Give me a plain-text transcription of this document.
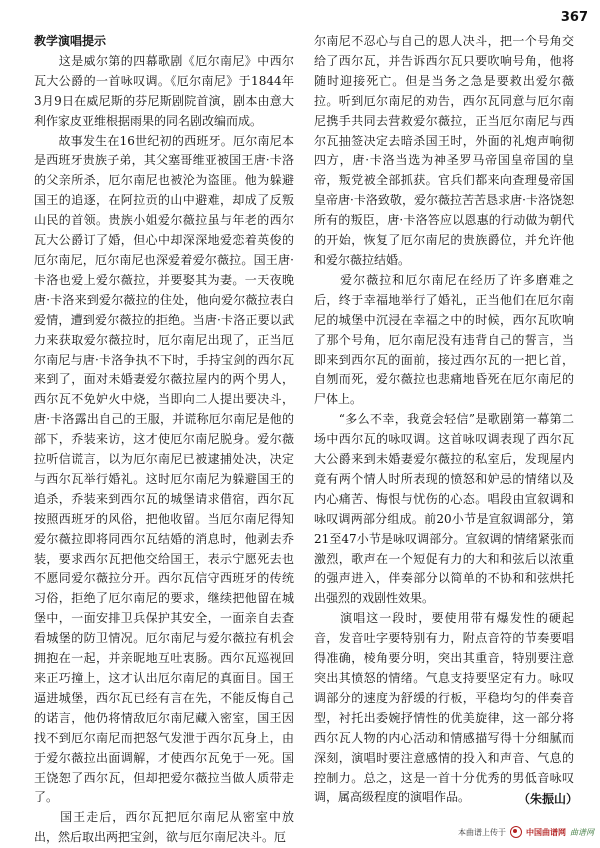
367
教学演唱提示
　　这是威尔第的四幕歌剧《厄尔南尼》中西尔瓦大公爵的一首咏叹调。《厄尔南尼》于1844年3月9日在威尼斯的芬尼斯剧院首演，剧本由意大利作家皮亚维根据雨果的同名剧改编而成。
　　故事发生在16世纪初的西班牙。厄尔南尼本是西班牙贵族子弟，其父塞哥维亚被国王唐·卡洛的父亲所杀，厄尔南尼也被沦为盗匪。他为躲避国王的追逐，在阿拉贡的山中避难，却成了反叛山民的首领。贵族小姐爱尔薇拉虽与年老的西尔瓦大公爵订了婚，但心中却深深地爱恋着英俊的厄尔南尼，厄尔南尼也深爱着爱尔薇拉。国王唐·卡洛也爱上爱尔薇拉，并要娶其为妻。一天夜晚唐·卡洛来到爱尔薇拉的住处，他向爱尔薇拉表白爱情，遭到爱尔薇拉的拒绝。当唐·卡洛正要以武力来获取爱尔薇拉时，厄尔南尼出现了，正当厄尔南尼与唐·卡洛争执不下时，手持宝剑的西尔瓦来到了，面对未婚妻爱尔薇拉屋内的两个男人，西尔瓦不免妒火中烧，当即向二人提出要决斗，唐·卡洛露出自己的王服，并谎称厄尔南尼是他的部下，乔装来访，这才使厄尔南尼脱身。爱尔薇拉听信谎言，以为厄尔南尼已被逮捕处决，决定与西尔瓦举行婚礼。这时厄尔南尼为躲避国王的追杀，乔装来到西尔瓦的城堡请求借宿，西尔瓦按照西班牙的风俗，把他收留。当厄尔南尼得知爱尔薇拉即将同西尔瓦结婚的消息时，他剥去乔装，要求西尔瓦把他交给国王，表示宁愿死去也不愿同爱尔薇拉分开。西尔瓦信守西班牙的传统习俗，拒绝了厄尔南尼的要求，继续把他留在城堡中，一面安排卫兵保护其安全，一面亲自去查看城堡的防卫情况。厄尔南尼与爱尔薇拉有机会拥抱在一起，并亲昵地互吐衷肠。西尔瓦巡视回来正巧撞上，这才认出厄尔南尼的真面目。国王逼进城堡，西尔瓦已经有言在先，不能反悔自己的诺言，他仍将情敌厄尔南尼藏入密室，国王因找不到厄尔南尼而把怒气发泄于西尔瓦身上，由于爱尔薇拉出面调解，才使西尔瓦免于一死。国王饶恕了西尔瓦，但却把爱尔薇拉当做人质带走了。
　　国王走后，西尔瓦把厄尔南尼从密室中放出，然后取出两把宝剑，欲与厄尔南尼决斗。厄
尔南尼不忍心与自己的恩人决斗，把一个号角交给了西尔瓦，并告诉西尔瓦只要吹响号角，他将随时迎接死亡。但是当务之急是要救出爱尔薇拉。听到厄尔南尼的劝告，西尔瓦同意与厄尔南尼携手共同去营救爱尔薇拉，正当厄尔南尼与西尔瓦抽签决定去暗杀国王时，外面的礼炮声响彻四方，唐·卡洛当选为神圣罗马帝国皇帝国的皇帝，叛党被全部抓获。官兵们都来向查理曼帝国皇帝唐·卡洛致敬，爱尔薇拉苦苦恳求唐·卡洛饶恕所有的叛臣，唐·卡洛答应以恩惠的行动做为朝代的开始，恢复了厄尔南尼的贵族爵位，并允许他和爱尔薇拉结婚。
　　爱尔薇拉和厄尔南尼在经历了许多磨难之后，终于幸福地举行了婚礼，正当他们在厄尔南尼的城堡中沉浸在幸福之中的时候，西尔瓦吹响了那个号角，厄尔南尼没有违背自己的誓言，当即来到西尔瓦的面前，接过西尔瓦的一把匕首，自刎而死，爱尔薇拉也悲痛地昏死在厄尔南尼的尸体上。
　　“多么不幸，我竟会轻信”是歌剧第一幕第二场中西尔瓦的咏叹调。这首咏叹调表现了西尔瓦大公爵来到未婚妻爱尔薇拉的私室后，发现屋内竟有两个情人时所表现的愤怒和妒忌的情绪以及内心痛苦、悔恨与忧伤的心态。唱段由宣叙调和咏叹调两部分组成。前20小节是宣叙调部分，第21至47小节是咏叹调部分。宣叙调的情绪紧张而激烈，歌声在一个短促有力的大和和弦后以浓重的强声进入，伴奏部分以简单的不协和和弦烘托出强烈的戏剧性效果。
　　演唱这一段时，要使用带有爆发性的硬起音，发音吐字要特别有力，附点音符的节奏要唱得准确，棱角要分明，突出其重音，特别要注意突出其愤怒的情绪。气息支持要坚定有力。咏叹调部分的速度为舒缓的行板，平稳均匀的伴奏音型，衬托出委婉抒情性的优美旋律，这一部分将西尔瓦人物的内心活动和情感描写得十分细腻而深刻，演唱时要注意感情的投入和声音、气息的控制力。总之，这是一首十分优秀的男低音咏叹调，属高级程度的演唱作品。	（朱振山）
本曲谱上传于	中国曲谱网 曲谱网
